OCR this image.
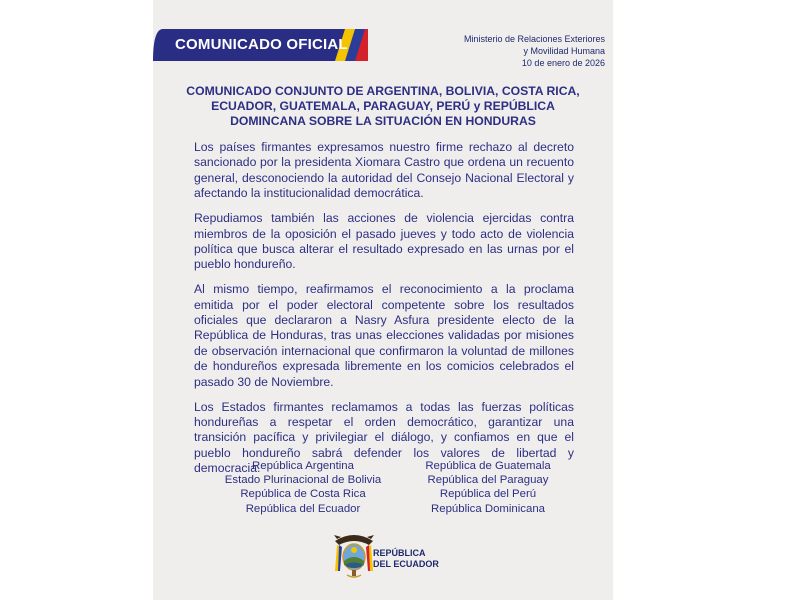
COMUNICADO OFICIAL	Ministerio de Relaciones Exteriores
y Movilidad Humana
10 de enero de 2026
COMUNICADO CONJUNTO DE ARGENTINA, BOLIVIA, COSTA RICA,
ECUADOR, GUATEMALA, PARAGUAY, PERÚ y REPÚBLICA
DOMINCANA SOBRE LA SITUACIÓN EN HONDURAS

Los países firmantes expresamos nuestro firme rechazo al decreto sancionado por la presidenta Xiomara Castro que ordena un recuento general, desconociendo la autoridad del Consejo Nacional Electoral y afectando la institucionalidad democrática.

Repudiamos también las acciones de violencia ejercidas contra miembros de la oposición el pasado jueves y todo acto de violencia política que busca alterar el resultado expresado en las urnas por el pueblo hondureño.

Al mismo tiempo, reafirmamos el reconocimiento a la proclama emitida por el poder electoral competente sobre los resultados oficiales que declararon a Nasry Asfura presidente electo de la República de Honduras, tras unas elecciones validadas por misiones de observación internacional que confirmaron la voluntad de millones de hondureños expresada libremente en los comicios celebrados el pasado 30 de Noviembre.

Los Estados firmantes reclamamos a todas las fuerzas políticas hondureñas a respetar el orden democrático, garantizar una transición pacífica y privilegiar el diálogo, y confiamos en que el pueblo hondureño sabrá defender los valores de libertad y democracia.

República Argentina
Estado Plurinacional de Bolivia
República de Costa Rica
República del Ecuador
República de Guatemala
República del Paraguay
República del Perú
República Dominicana
REPÚBLICA
DEL ECUADOR
